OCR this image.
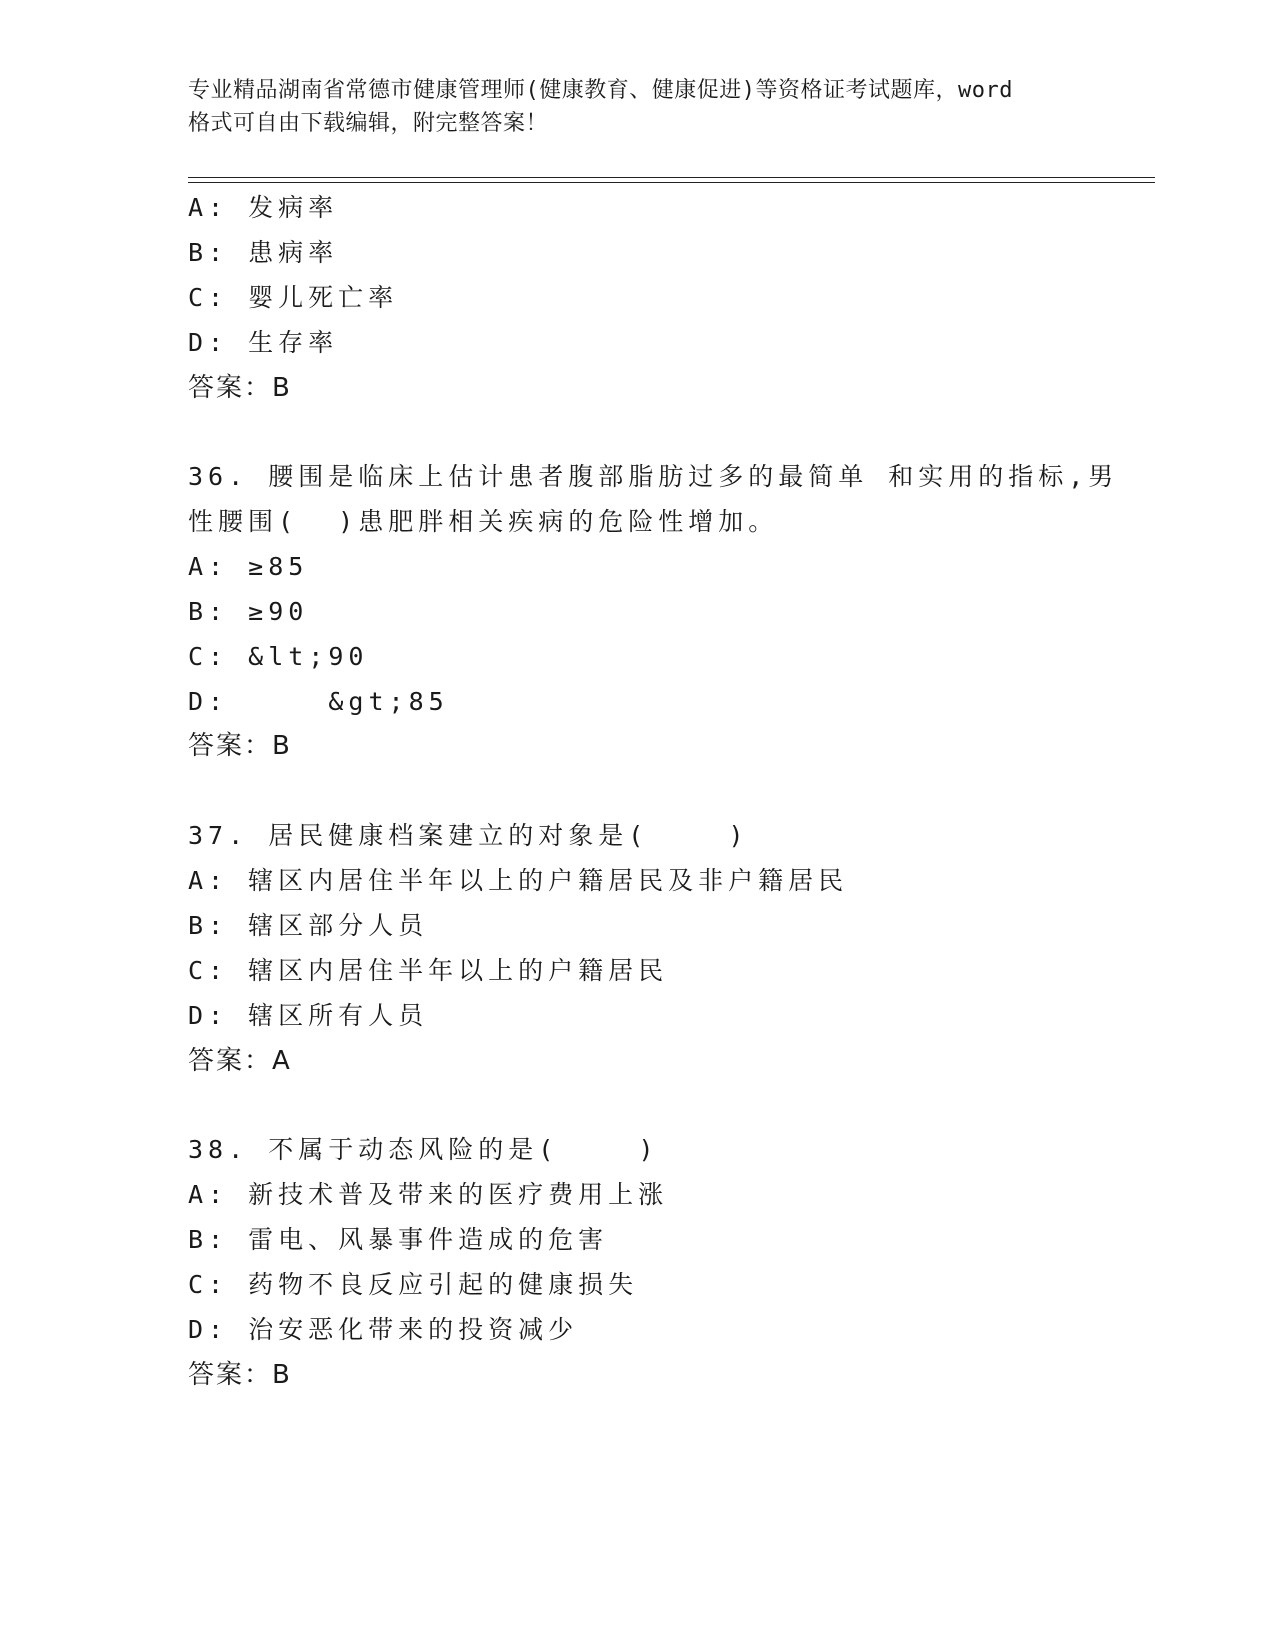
专业精品湖南省常德市健康管理师(健康教育、健康促进)等资格证考试题库，word
格式可自由下载编辑，附完整答案！
A: 发病率
B: 患病率
C: 婴儿死亡率
D: 生存率
答案：B
36. 腰围是临床上估计患者腹部脂肪过多的最简单 和实用的指标,男
性腰围(  )患肥胖相关疾病的危险性增加。
A: ≥85
B: ≥90
C: &lt;90
D:     &gt;85
答案：B
37. 居民健康档案建立的对象是(    )
A: 辖区内居住半年以上的户籍居民及非户籍居民
B: 辖区部分人员
C: 辖区内居住半年以上的户籍居民
D: 辖区所有人员
答案：A
38. 不属于动态风险的是(    )
A: 新技术普及带来的医疗费用上涨
B: 雷电、风暴事件造成的危害
C: 药物不良反应引起的健康损失
D: 治安恶化带来的投资减少
答案：B
